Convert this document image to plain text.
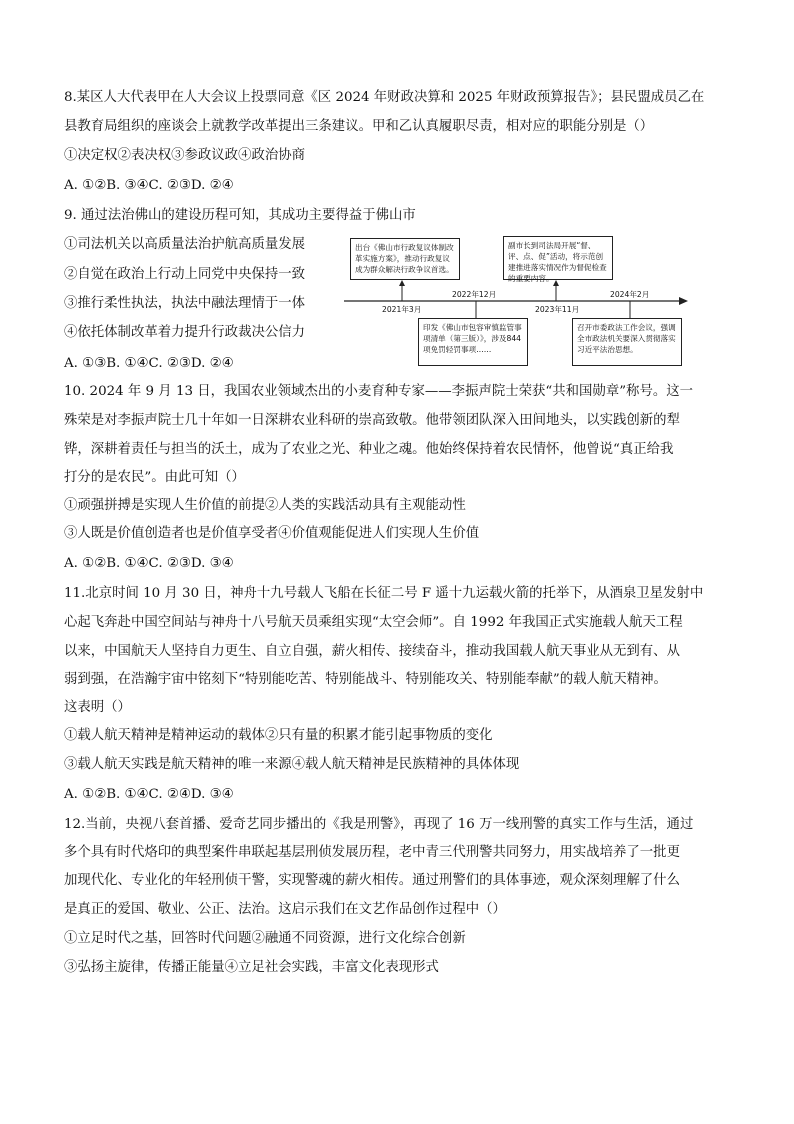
8.某区人大代表甲在人大会议上投票同意《区 2024 年财政决算和 2025 年财政预算报告》；县民盟成员乙在
县教育局组织的座谈会上就教学改革提出三条建议。甲和乙认真履职尽责，相对应的职能分别是（）
①决定权②表决权③参政议政④政治协商
A. ①②B. ③④C. ②③D. ②④
9. 通过法治佛山的建设历程可知，其成功主要得益于佛山市
①司法机关以高质量法治护航高质量发展
②自觉在政治上行动上同党中央保持一致
③推行柔性执法，执法中融法理情于一体
④依托体制改革着力提升行政裁决公信力
A. ①③B. ①④C. ②③D. ②④
出台《佛山市行政复议体制改革实施方案》，推动行政复议成为群众解决行政争议首选。
印发《佛山市包容审慎监管事项清单（第三版）》，涉及844项免罚轻罚事项……
副市长到司法局开展“督、评、点、促”活动，将示范创建推进落实情况作为督促检查的重要内容。
召开市委政法工作会议，强调全市政法机关要深入贯彻落实习近平法治思想。
2021年3月
2022年12月
2023年11月
2024年2月
10. 2024 年 9 月 13 日，我国农业领域杰出的小麦育种专家——李振声院士荣获“共和国勋章”称号。这一
殊荣是对李振声院士几十年如一日深耕农业科研的崇高致敬。他带领团队深入田间地头，以实践创新的犁
铧，深耕着责任与担当的沃土，成为了农业之光、种业之魂。他始终保持着农民情怀，他曾说“真正给我
打分的是农民”。由此可知（）
①顽强拼搏是实现人生价值的前提②人类的实践活动具有主观能动性
③人既是价值创造者也是价值享受者④价值观能促进人们实现人生价值
A. ①②B. ①④C. ②③D. ③④
11.北京时间 10 月 30 日，神舟十九号载人飞船在长征二号 F 遥十九运载火箭的托举下，从酒泉卫星发射中
心起飞奔赴中国空间站与神舟十八号航天员乘组实现“太空会师”。自 1992 年我国正式实施载人航天工程
以来，中国航天人坚持自力更生、自立自强，薪火相传、接续奋斗，推动我国载人航天事业从无到有、从
弱到强，在浩瀚宇宙中铭刻下“特别能吃苦、特别能战斗、特别能攻关、特别能奉献”的载人航天精神。
这表明（）
①载人航天精神是精神运动的载体②只有量的积累才能引起事物质的变化
③载人航天实践是航天精神的唯一来源④载人航天精神是民族精神的具体体现
A. ①②B. ①④C. ②④D. ③④
12.当前，央视八套首播、爱奇艺同步播出的《我是刑警》，再现了 16 万一线刑警的真实工作与生活，通过
多个具有时代烙印的典型案件串联起基层刑侦发展历程，老中青三代刑警共同努力，用实战培养了一批更
加现代化、专业化的年轻刑侦干警，实现警魂的薪火相传。通过刑警们的具体事迹，观众深刻理解了什么
是真正的爱国、敬业、公正、法治。这启示我们在文艺作品创作过程中（）
①立足时代之基，回答时代问题②融通不同资源，进行文化综合创新
③弘扬主旋律，传播正能量④立足社会实践，丰富文化表现形式
